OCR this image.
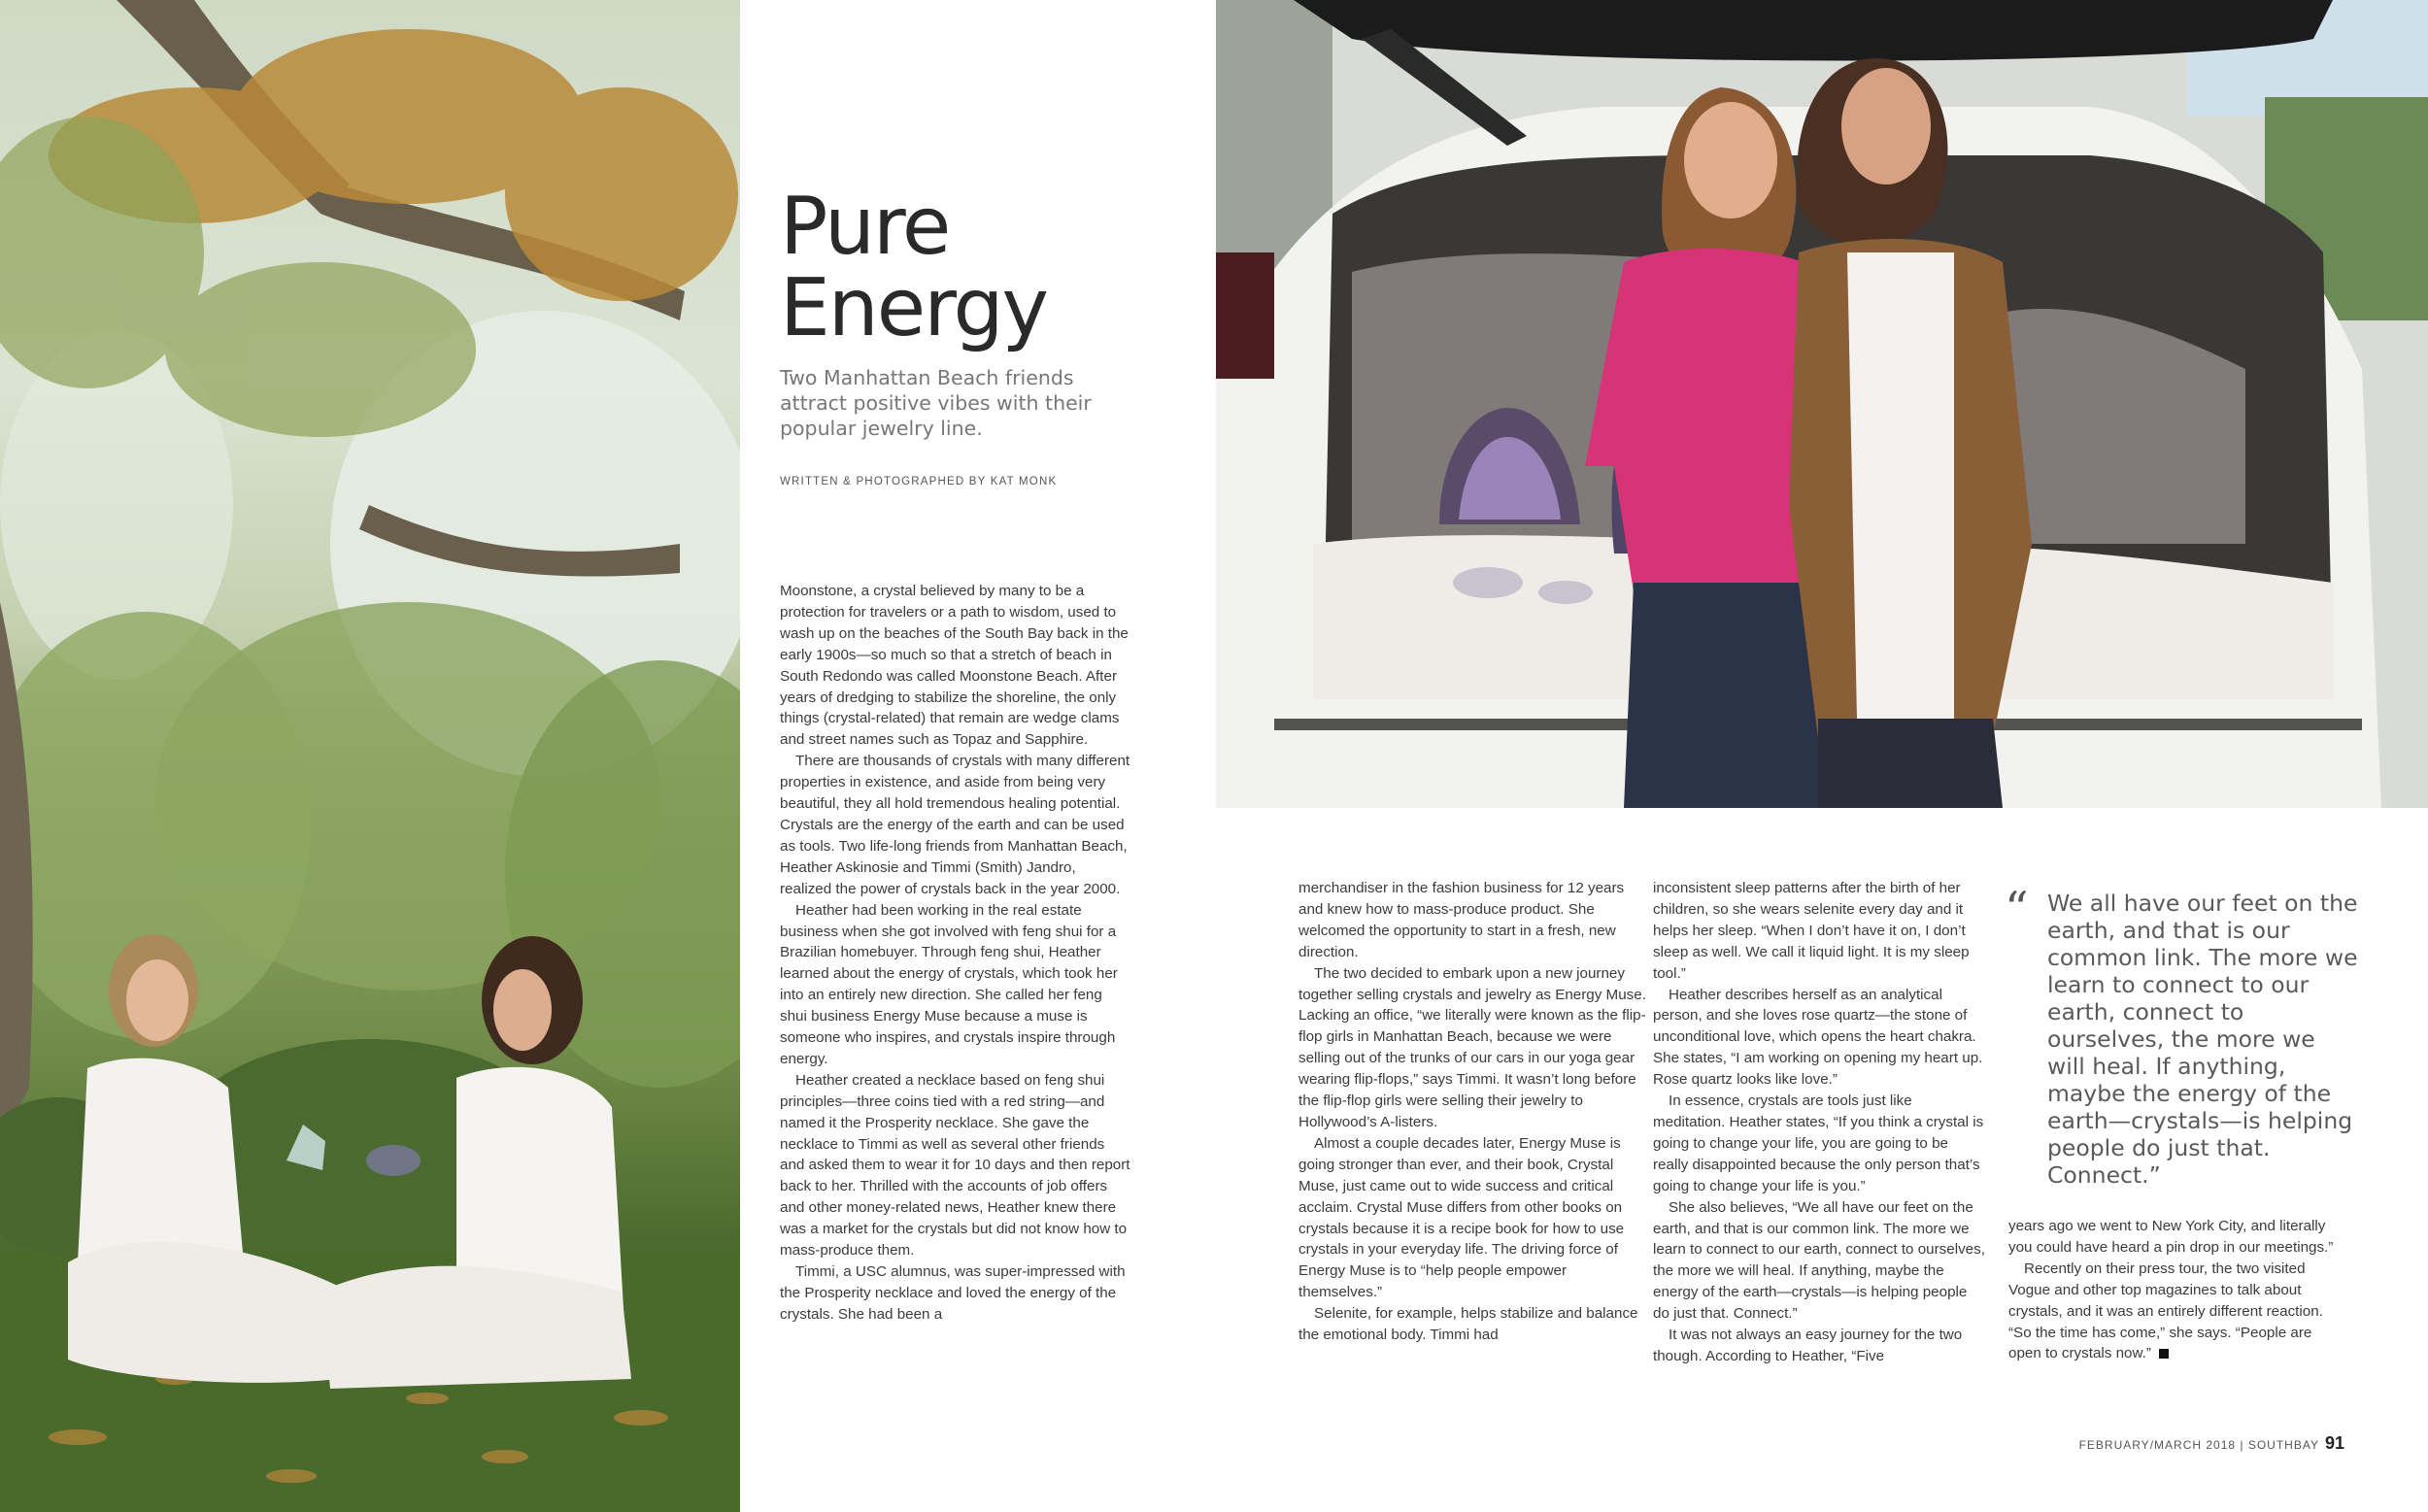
Pure
Energy

Two Manhattan Beach friends attract positive vibes with their popular jewelry line.

WRITTEN & PHOTOGRAPHED BY KAT MONK

Moonstone, a crystal believed by many to be a protection for travelers or a path to wisdom, used to wash up on the beaches of the South Bay back in the early 1900s—so much so that a stretch of beach in South Redondo was called Moonstone Beach. After years of dredging to stabilize the shoreline, the only things (crystal-related) that remain are wedge clams and street names such as Topaz and Sapphire.

There are thousands of crystals with many different properties in existence, and aside from being very beautiful, they all hold tremendous healing potential. Crystals are the energy of the earth and can be used as tools. Two life-long friends from Manhattan Beach, Heather Askinosie and Timmi (Smith) Jandro, realized the power of crystals back in the year 2000.

Heather had been working in the real estate business when she got involved with feng shui for a Brazilian homebuyer. Through feng shui, Heather learned about the energy of crystals, which took her into an entirely new direction. She called her feng shui business Energy Muse because a muse is someone who inspires, and crystals inspire through energy.

Heather created a necklace based on feng shui principles—three coins tied with a red string—and named it the Prosperity necklace. She gave the necklace to Timmi as well as several other friends and asked them to wear it for 10 days and then report back to her. Thrilled with the accounts of job offers and other money-related news, Heather knew there was a market for the crystals but did not know how to mass-produce them.

Timmi, a USC alumnus, was super-impressed with the Prosperity necklace and loved the energy of the crystals. She had been a

merchandiser in the fashion business for 12 years and knew how to mass-produce product. She welcomed the opportunity to start in a fresh, new direction.

The two decided to embark upon a new journey together selling crystals and jewelry as Energy Muse. Lacking an office, “we literally were known as the flip-flop girls in Manhattan Beach, because we were selling out of the trunks of our cars in our yoga gear wearing flip-flops,” says Timmi. It wasn’t long before the flip-flop girls were selling their jewelry to Hollywood’s A-listers.

Almost a couple decades later, Energy Muse is going stronger than ever, and their book, Crystal Muse, just came out to wide success and critical acclaim. Crystal Muse differs from other books on crystals because it is a recipe book for how to use crystals in your everyday life. The driving force of Energy Muse is to “help people empower themselves.”

Selenite, for example, helps stabilize and balance the emotional body. Timmi had

inconsistent sleep patterns after the birth of her children, so she wears selenite every day and it helps her sleep. “When I don’t have it on, I don’t sleep as well. We call it liquid light. It is my sleep tool.”

Heather describes herself as an analytical person, and she loves rose quartz—the stone of unconditional love, which opens the heart chakra. She states, “I am working on opening my heart up. Rose quartz looks like love.”

In essence, crystals are tools just like meditation. Heather states, “If you think a crystal is going to change your life, you are going to be really disappointed because the only person that’s going to change your life is you.”

She also believes, “We all have our feet on the earth, and that is our common link. The more we learn to connect to our earth, connect to ourselves, the more we will heal. If anything, maybe the energy of the earth—crystals—is helping people do just that. Connect.”

It was not always an easy journey for the two though. According to Heather, “Five

“ We all have our feet on the earth, and that is our common link. The more we learn to connect to our earth, connect to ourselves, the more we will heal. If anything, maybe the energy of the earth—crystals—is helping people do just that. Connect.”

years ago we went to New York City, and literally you could have heard a pin drop in our meetings.”

Recently on their press tour, the two visited Vogue and other top magazines to talk about crystals, and it was an entirely different reaction. “So the time has come,” she says. “People are open to crystals now.”

FEBRUARY/MARCH 2018 | SOUTHBAY 91
